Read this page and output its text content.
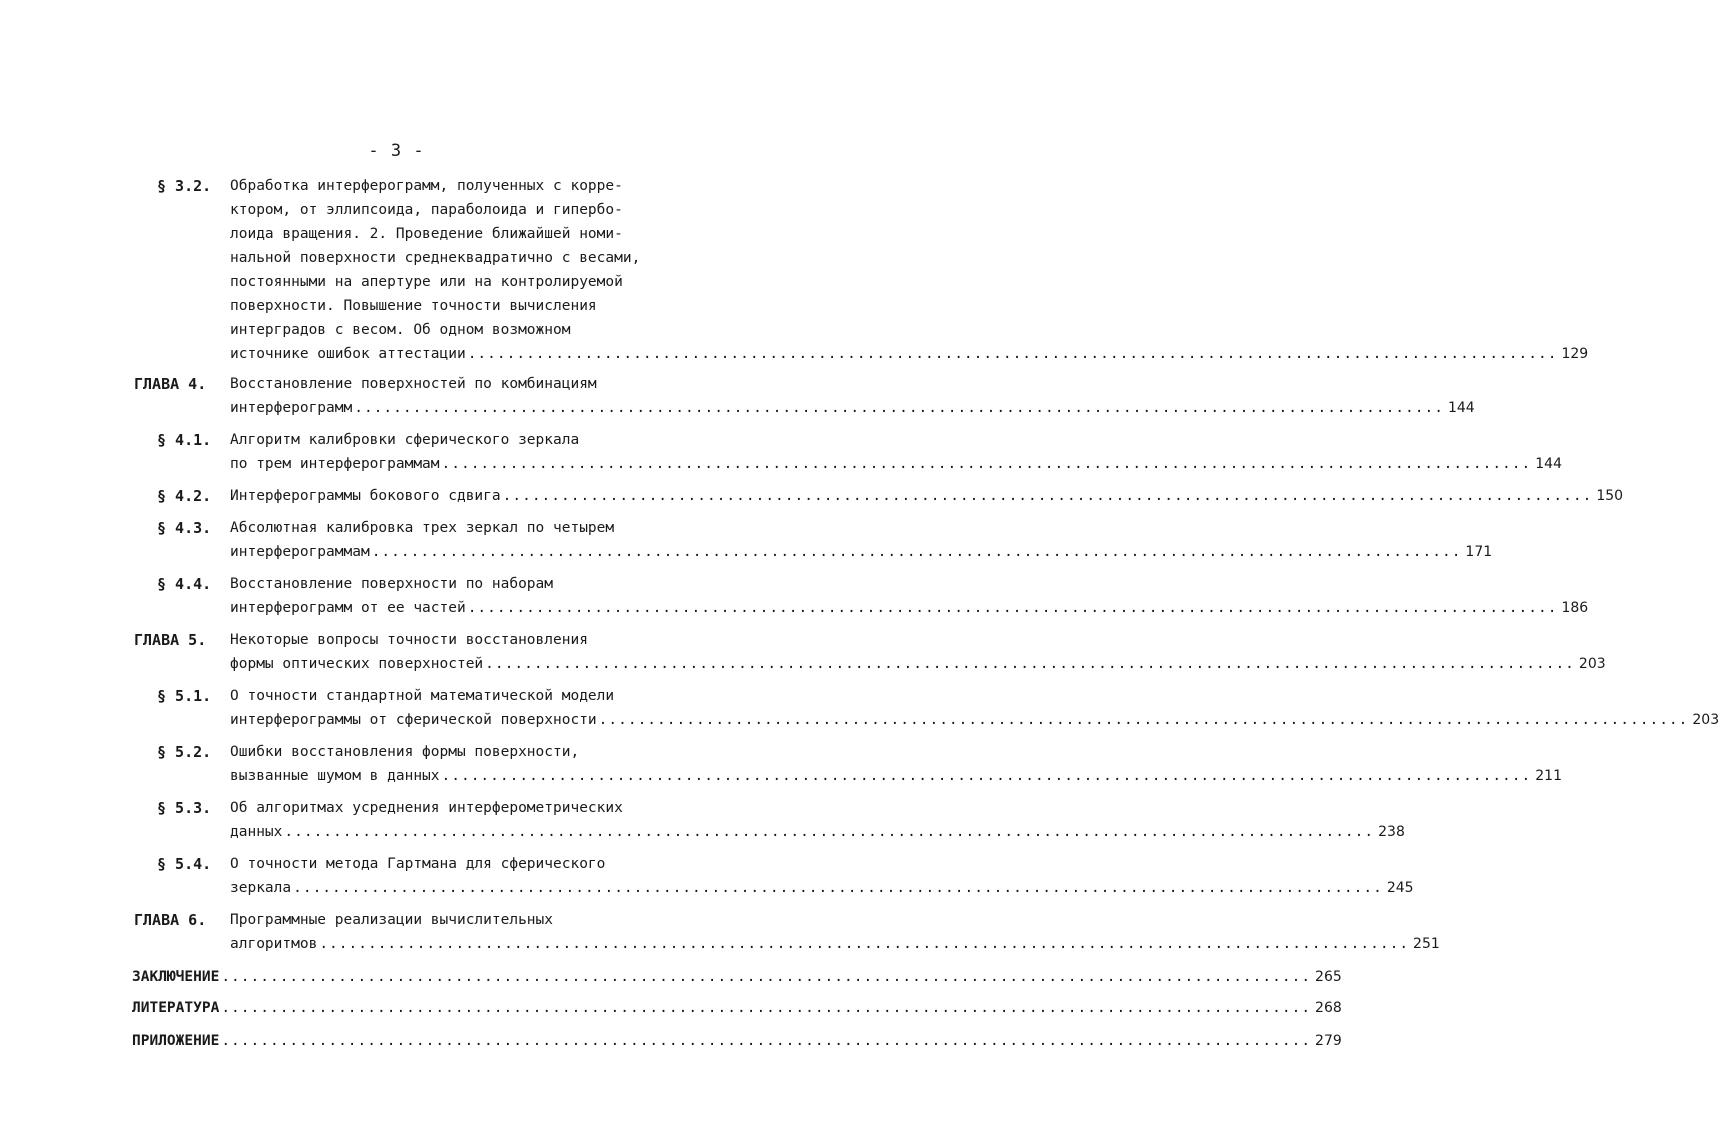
- 3 -
§ 3.2. Обработка интерферограмм, полученных с корре-
ктором, от эллипсоида, параболоида и гипербо-
лоида вращения. 2. Проведение ближайшей номи-
нальной поверхности среднеквадратично с весами,
постоянными на апертуре или на контролируемой
поверхности. Повышение точности вычисления
интерградов с весом. Об одном возможном
источнике ошибок аттестации ................................................................................................................ 129
ГЛАВА 4. Восстановление поверхностей по комбинациям
интерферограмм ................................................................................................................ 144
§ 4.1. Алгоритм калибровки сферического зеркала
по трем интерферограммам ................................................................................................................ 144
§ 4.2. Интерферограммы бокового сдвига ................................................................................................................ 150
§ 4.3. Абсолютная калибровка трех зеркал по четырем
интерферограммам ................................................................................................................ 171
§ 4.4. Восстановление поверхности по наборам
интерферограмм от ее частей ................................................................................................................ 186
ГЛАВА 5. Некоторые вопросы точности восстановления
формы оптических поверхностей ................................................................................................................ 203
§ 5.1. О точности стандартной математической модели
интерферограммы от сферической поверхности ................................................................................................................ 203
§ 5.2. Ошибки восстановления формы поверхности,
вызванные шумом в данных ................................................................................................................ 211
§ 5.3. Об алгоритмах усреднения интерферометрических
данных ................................................................................................................ 238
§ 5.4. О точности метода Гартмана для сферического
зеркала ................................................................................................................ 245
ГЛАВА 6. Программные реализации вычислительных
алгоритмов ................................................................................................................ 251
ЗАКЛЮЧЕНИЕ ................................................................................................................ 265
ЛИТЕРАТУРА ................................................................................................................ 268
ПРИЛОЖЕНИЕ ................................................................................................................ 279
